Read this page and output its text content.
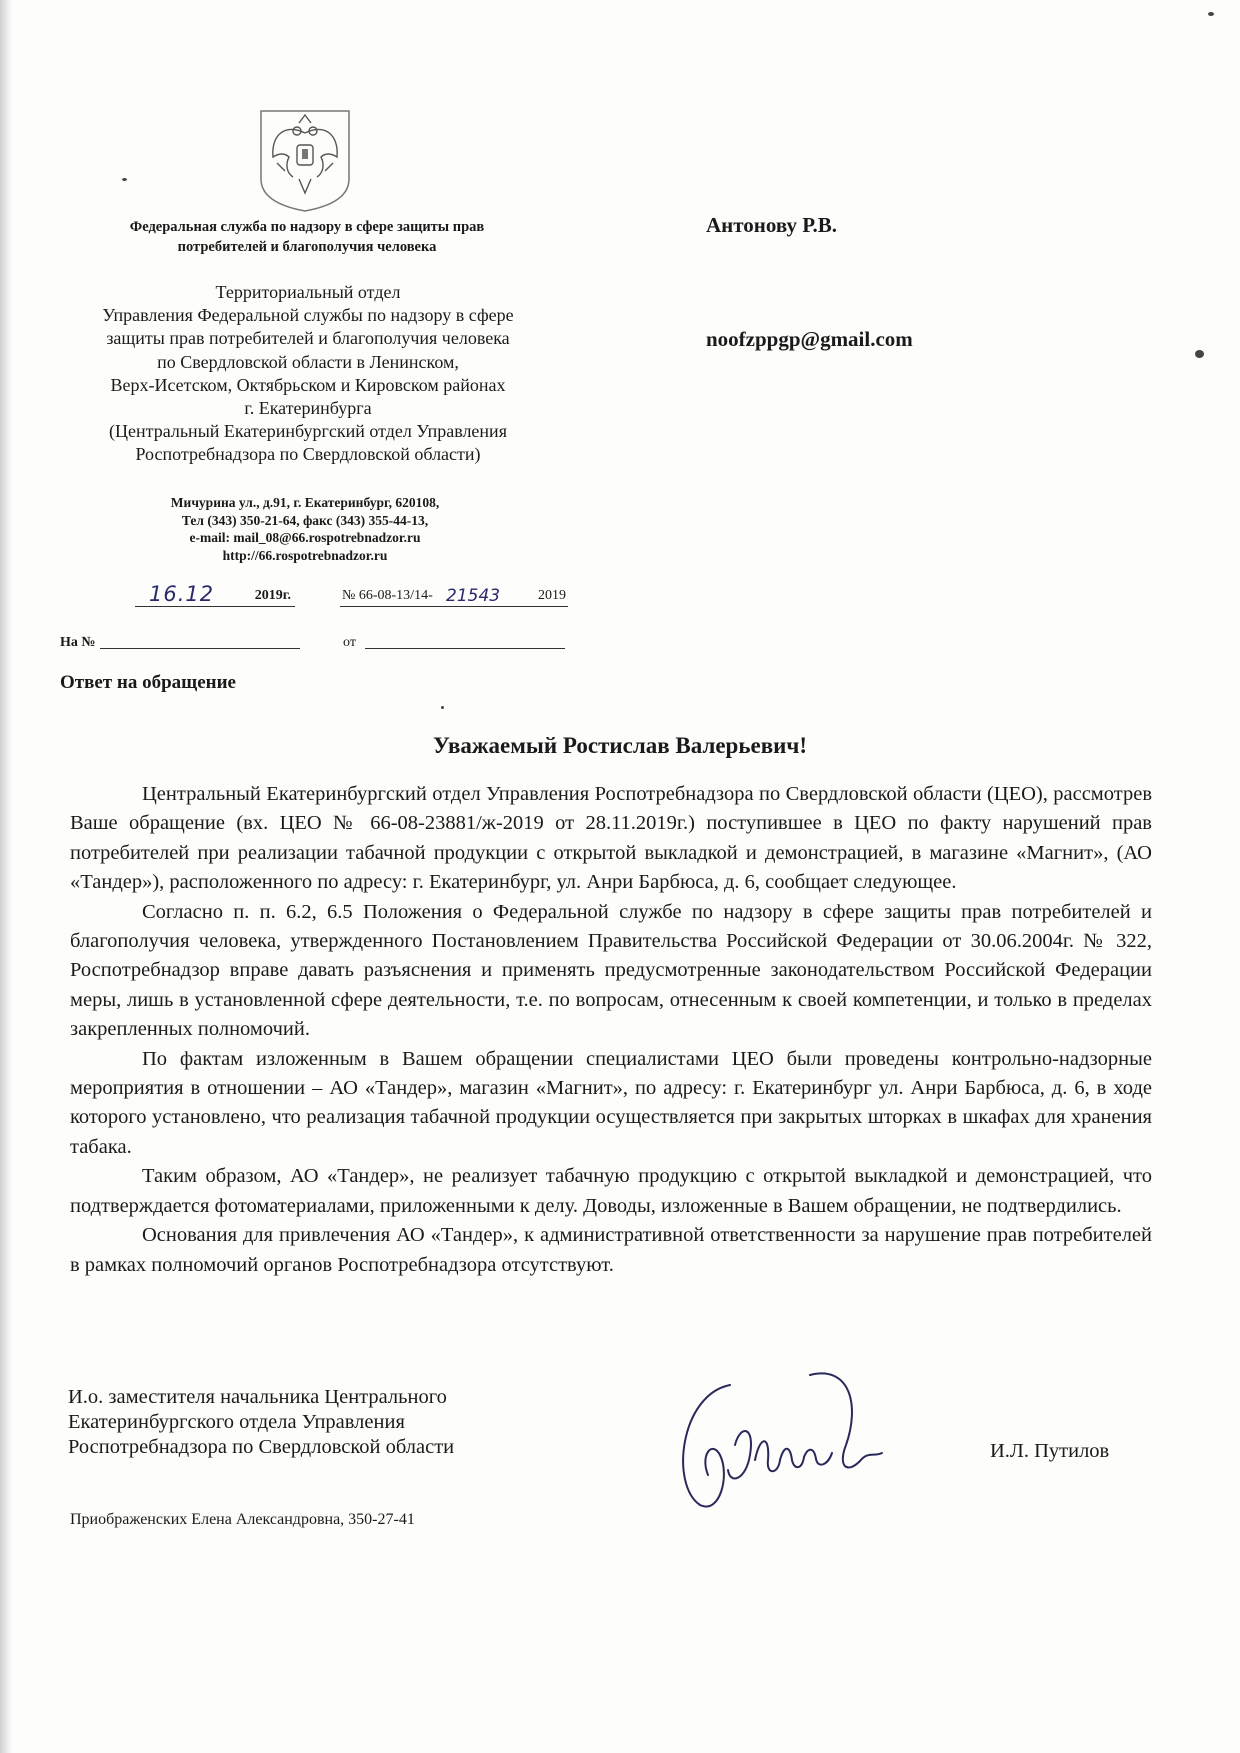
Федеральная служба по надзору в сфере защиты прав
потребителей и благополучия человека
Территориальный отдел
Управления Федеральной службы по надзору в сфере
защиты прав потребителей и благополучия человека
по Свердловской области в Ленинском,
Верх-Исетском, Октябрьском и Кировском районах
г. Екатеринбурга
(Центральный Екатеринбургский отдел Управления
Роспотребнадзора по Свердловской области)
Мичурина ул., д.91, г. Екатеринбург, 620108,
Тел (343) 350-21-64, факс (343) 355-44-13,
e-mail: mail_08@66.rospotrebnadzor.ru
http://66.rospotrebnadzor.ru
16.12	2019г.	№ 66-08-13/14- 21543	2019
На №	от
Ответ на обращение
Антонову Р.В.
noofzppgp@gmail.com
Уважаемый Ростислав Валерьевич!

Центральный Екатеринбургский отдел Управления Роспотребнадзора по Свердловской области (ЦЕО), рассмотрев Ваше обращение (вх. ЦЕО № 66-08-23881/ж-2019 от 28.11.2019г.) поступившее в ЦЕО по факту нарушений прав потребителей при реализации табачной продукции с открытой выкладкой и демонстрацией, в магазине «Магнит», (АО «Тандер»), расположенного по адресу: г. Екатеринбург, ул. Анри Барбюса, д. 6, сообщает следующее.

Согласно п. п. 6.2, 6.5 Положения о Федеральной службе по надзору в сфере защиты прав потребителей и благополучия человека, утвержденного Постановлением Правительства Российской Федерации от 30.06.2004г. № 322, Роспотребнадзор вправе давать разъяснения и применять предусмотренные законодательством Российской Федерации меры, лишь в установленной сфере деятельности, т.е. по вопросам, отнесенным к своей компетенции, и только в пределах закрепленных полномочий.

По фактам изложенным в Вашем обращении специалистами ЦЕО были проведены контрольно-надзорные мероприятия в отношении – АО «Тандер», магазин «Магнит», по адресу: г. Екатеринбург ул. Анри Барбюса, д. 6, в ходе которого установлено, что реализация табачной продукции осуществляется при закрытых шторках в шкафах для хранения табака.

Таким образом, АО «Тандер», не реализует табачную продукцию с открытой выкладкой и демонстрацией, что подтверждается фотоматериалами, приложенными к делу. Доводы, изложенные в Вашем обращении, не подтвердились.

Основания для привлечения АО «Тандер», к административной ответственности за нарушение прав потребителей в рамках полномочий органов Роспотребнадзора отсутствуют.

И.о. заместителя начальника Центрального
Екатеринбургского отдела Управления
Роспотребнадзора по Свердловской области	И.Л. Путилов
Приображенских Елена Александровна, 350-27-41
